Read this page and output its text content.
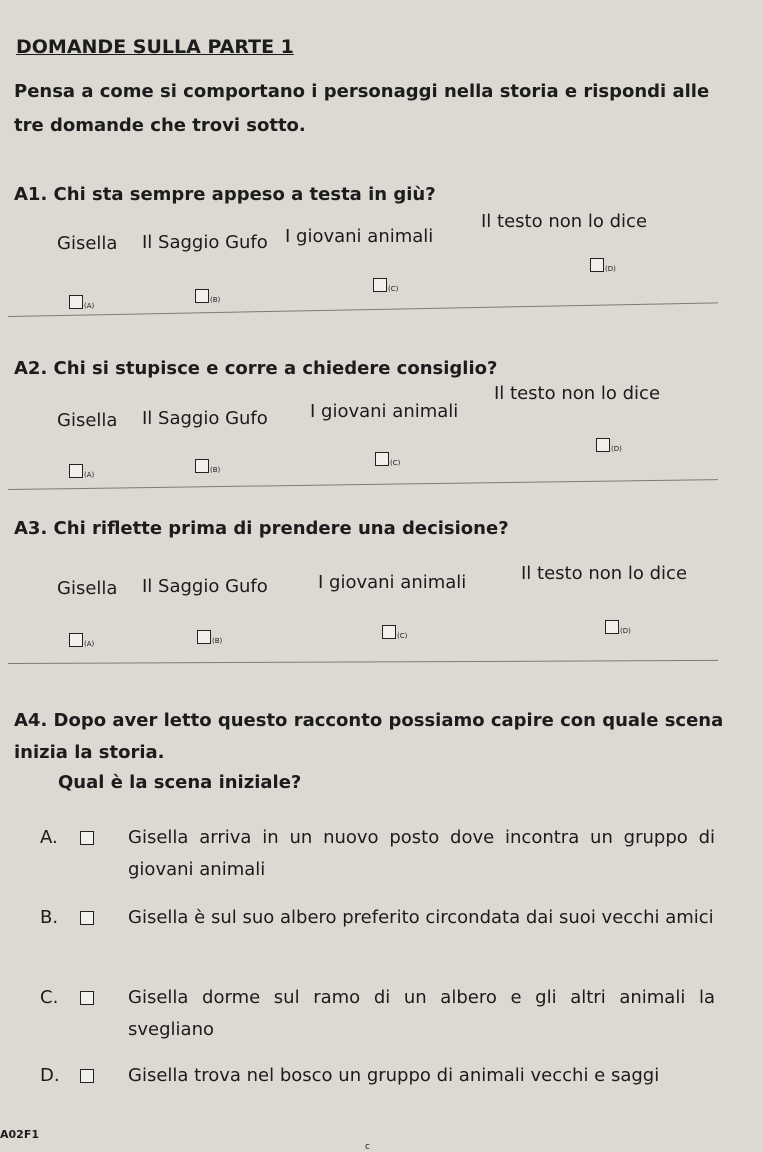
DOMANDE SULLA PARTE 1
Pensa a come si comportano i personaggi nella storia e rispondi alle tre domande che trovi sotto.
A1. Chi sta sempre appeso a testa in giù?
Gisella Il Saggio Gufo I giovani animali
Il testo non lo dice
(A)
(B)
(C)
(D)
A2. Chi si stupisce e corre a chiedere consiglio?
Gisella Il Saggio Gufo I giovani animali
Il testo non lo dice
(A)
(B)
(C)
(D)
A3. Chi riflette prima di prendere una decisione?
Gisella Il Saggio Gufo	I giovani animali	Il testo non lo dice
(A)	(B)
(C)
(D)
A4. Dopo aver letto questo racconto possiamo capire con quale scena inizia la storia.
Qual è la scena iniziale?
A.	Gisella arriva in un nuovo posto dove incontra un gruppo di giovani animali
B.	Gisella è sul suo albero preferito circondata dai suoi vecchi amici
C.	Gisella dorme sul ramo di un albero e gli altri animali la svegliano
D.	Gisella trova nel bosco un gruppo di animali vecchi e saggi
A02F1
c
